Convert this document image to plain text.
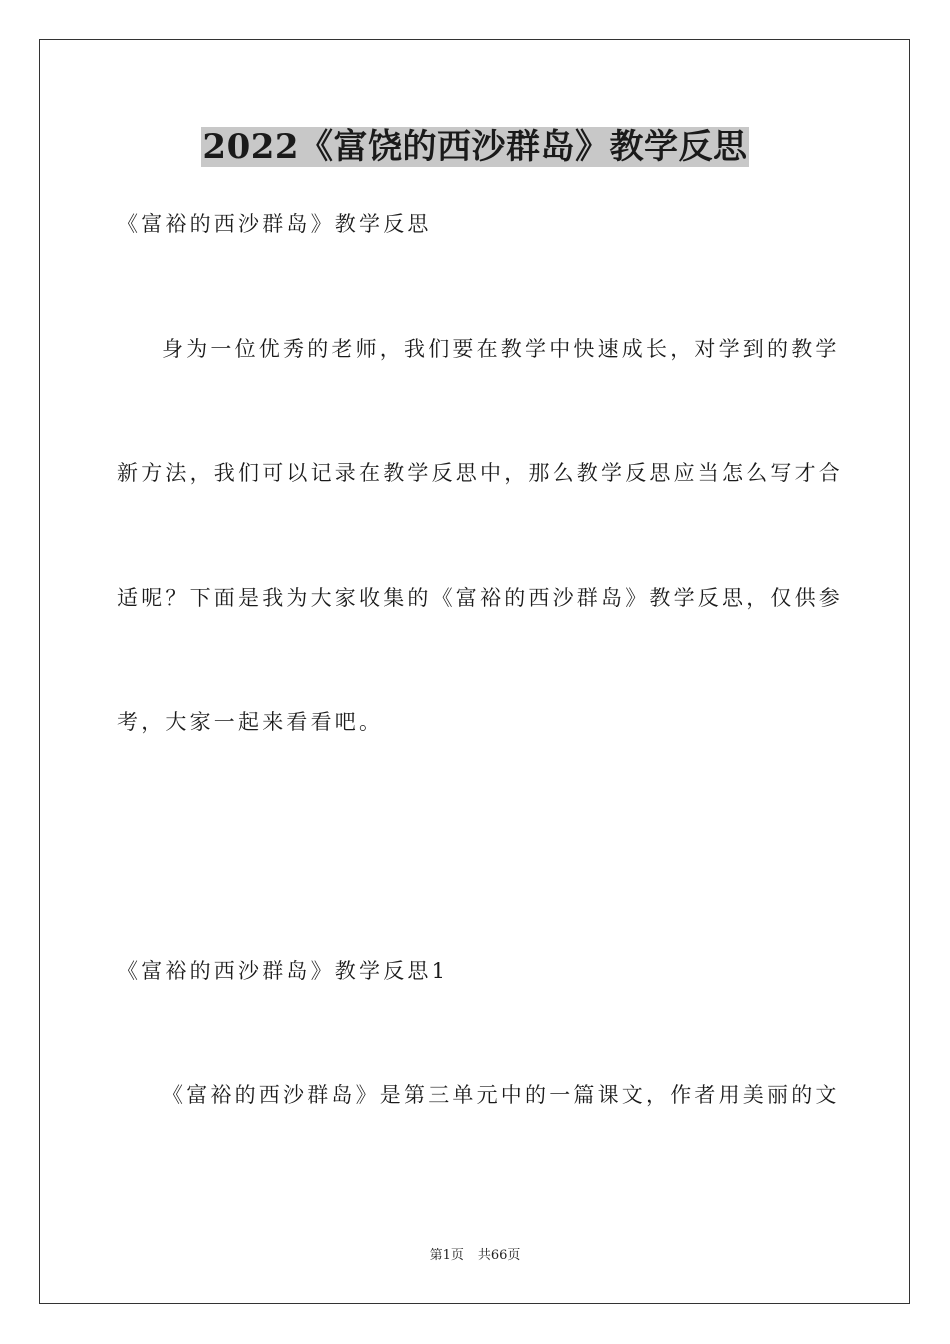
2022《富饶的西沙群岛》教学反思

《富裕的西沙群岛》教学反思

身为一位优秀的老师，我们要在教学中快速成长，对学到的教学

新方法，我们可以记录在教学反思中，那么教学反思应当怎么写才合

适呢？下面是我为大家收集的《富裕的西沙群岛》教学反思，仅供参

考，大家一起来看看吧。

《富裕的西沙群岛》教学反思1

《富裕的西沙群岛》是第三单元中的一篇课文，作者用美丽的文

第1页 共66页
